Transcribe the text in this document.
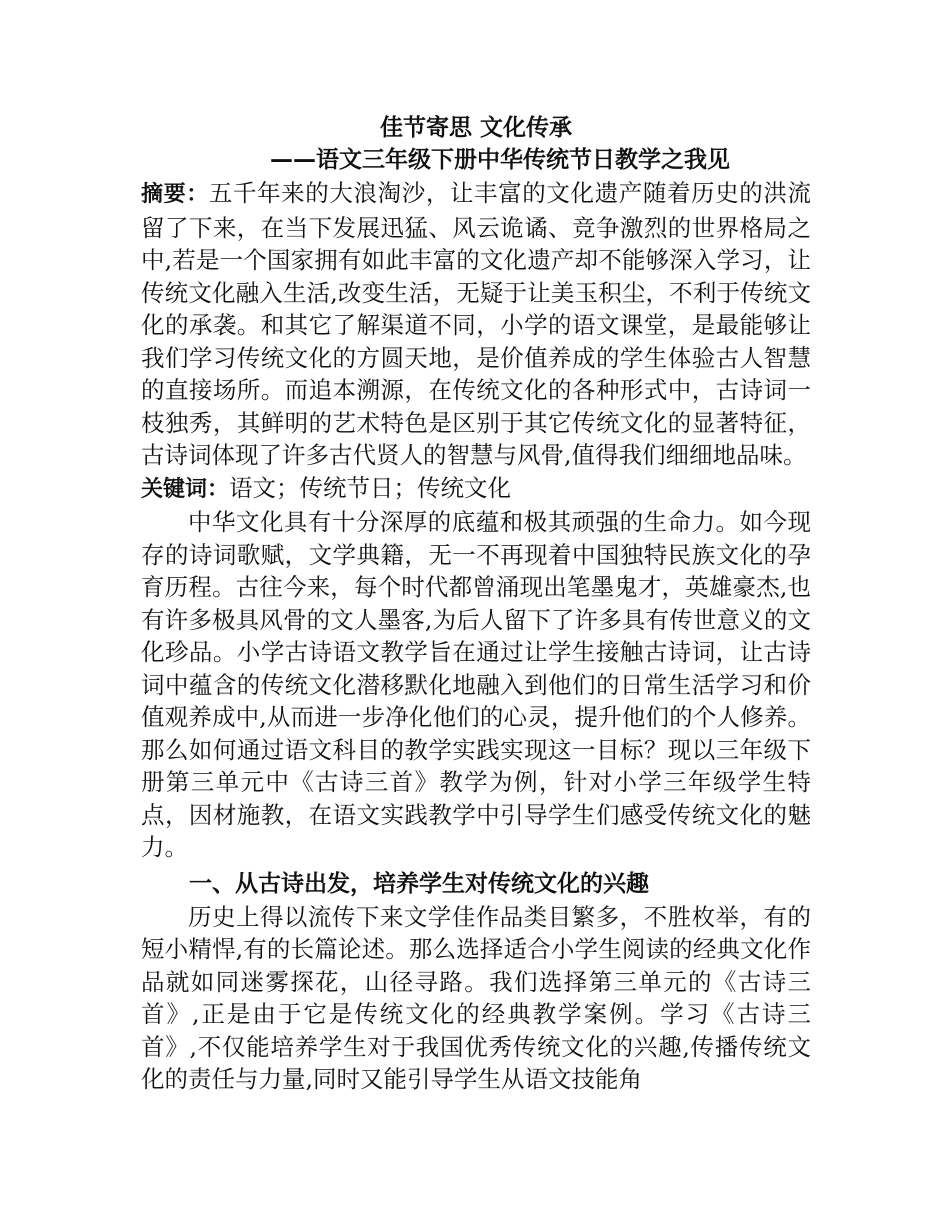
佳节寄思 文化传承

——语文三年级下册中华传统节日教学之我见

摘要：五千年来的大浪淘沙，让丰富的文化遗产随着历史的洪流留了下来，在当下发展迅猛、风云诡谲、竞争激烈的世界格局之中,若是一个国家拥有如此丰富的文化遗产却不能够深入学习，让传统文化融入生活,改变生活，无疑于让美玉积尘，不利于传统文化的承袭。和其它了解渠道不同，小学的语文课堂，是最能够让我们学习传统文化的方圆天地，是价值养成的学生体验古人智慧的直接场所。而追本溯源，在传统文化的各种形式中，古诗词一枝独秀，其鲜明的艺术特色是区别于其它传统文化的显著特征，古诗词体现了许多古代贤人的智慧与风骨,值得我们细细地品味。

关键词：语文；传统节日；传统文化

中华文化具有十分深厚的底蕴和极其顽强的生命力。如今现存的诗词歌赋，文学典籍，无一不再现着中国独特民族文化的孕育历程。古往今来，每个时代都曾涌现出笔墨鬼才，英雄豪杰,也有许多极具风骨的文人墨客,为后人留下了许多具有传世意义的文化珍品。小学古诗语文教学旨在通过让学生接触古诗词，让古诗词中蕴含的传统文化潜移默化地融入到他们的日常生活学习和价值观养成中,从而进一步净化他们的心灵，提升他们的个人修养。那么如何通过语文科目的教学实践实现这一目标？现以三年级下册第三单元中《古诗三首》教学为例，针对小学三年级学生特点，因材施教，在语文实践教学中引导学生们感受传统文化的魅力。

一、从古诗出发，培养学生对传统文化的兴趣

历史上得以流传下来文学佳作品类目繁多，不胜枚举，有的短小精悍,有的长篇论述。那么选择适合小学生阅读的经典文化作品就如同迷雾探花，山径寻路。我们选择第三单元的《古诗三首》,正是由于它是传统文化的经典教学案例。学习《古诗三首》,不仅能培养学生对于我国优秀传统文化的兴趣,传播传统文化的责任与力量,同时又能引导学生从语文技能角
